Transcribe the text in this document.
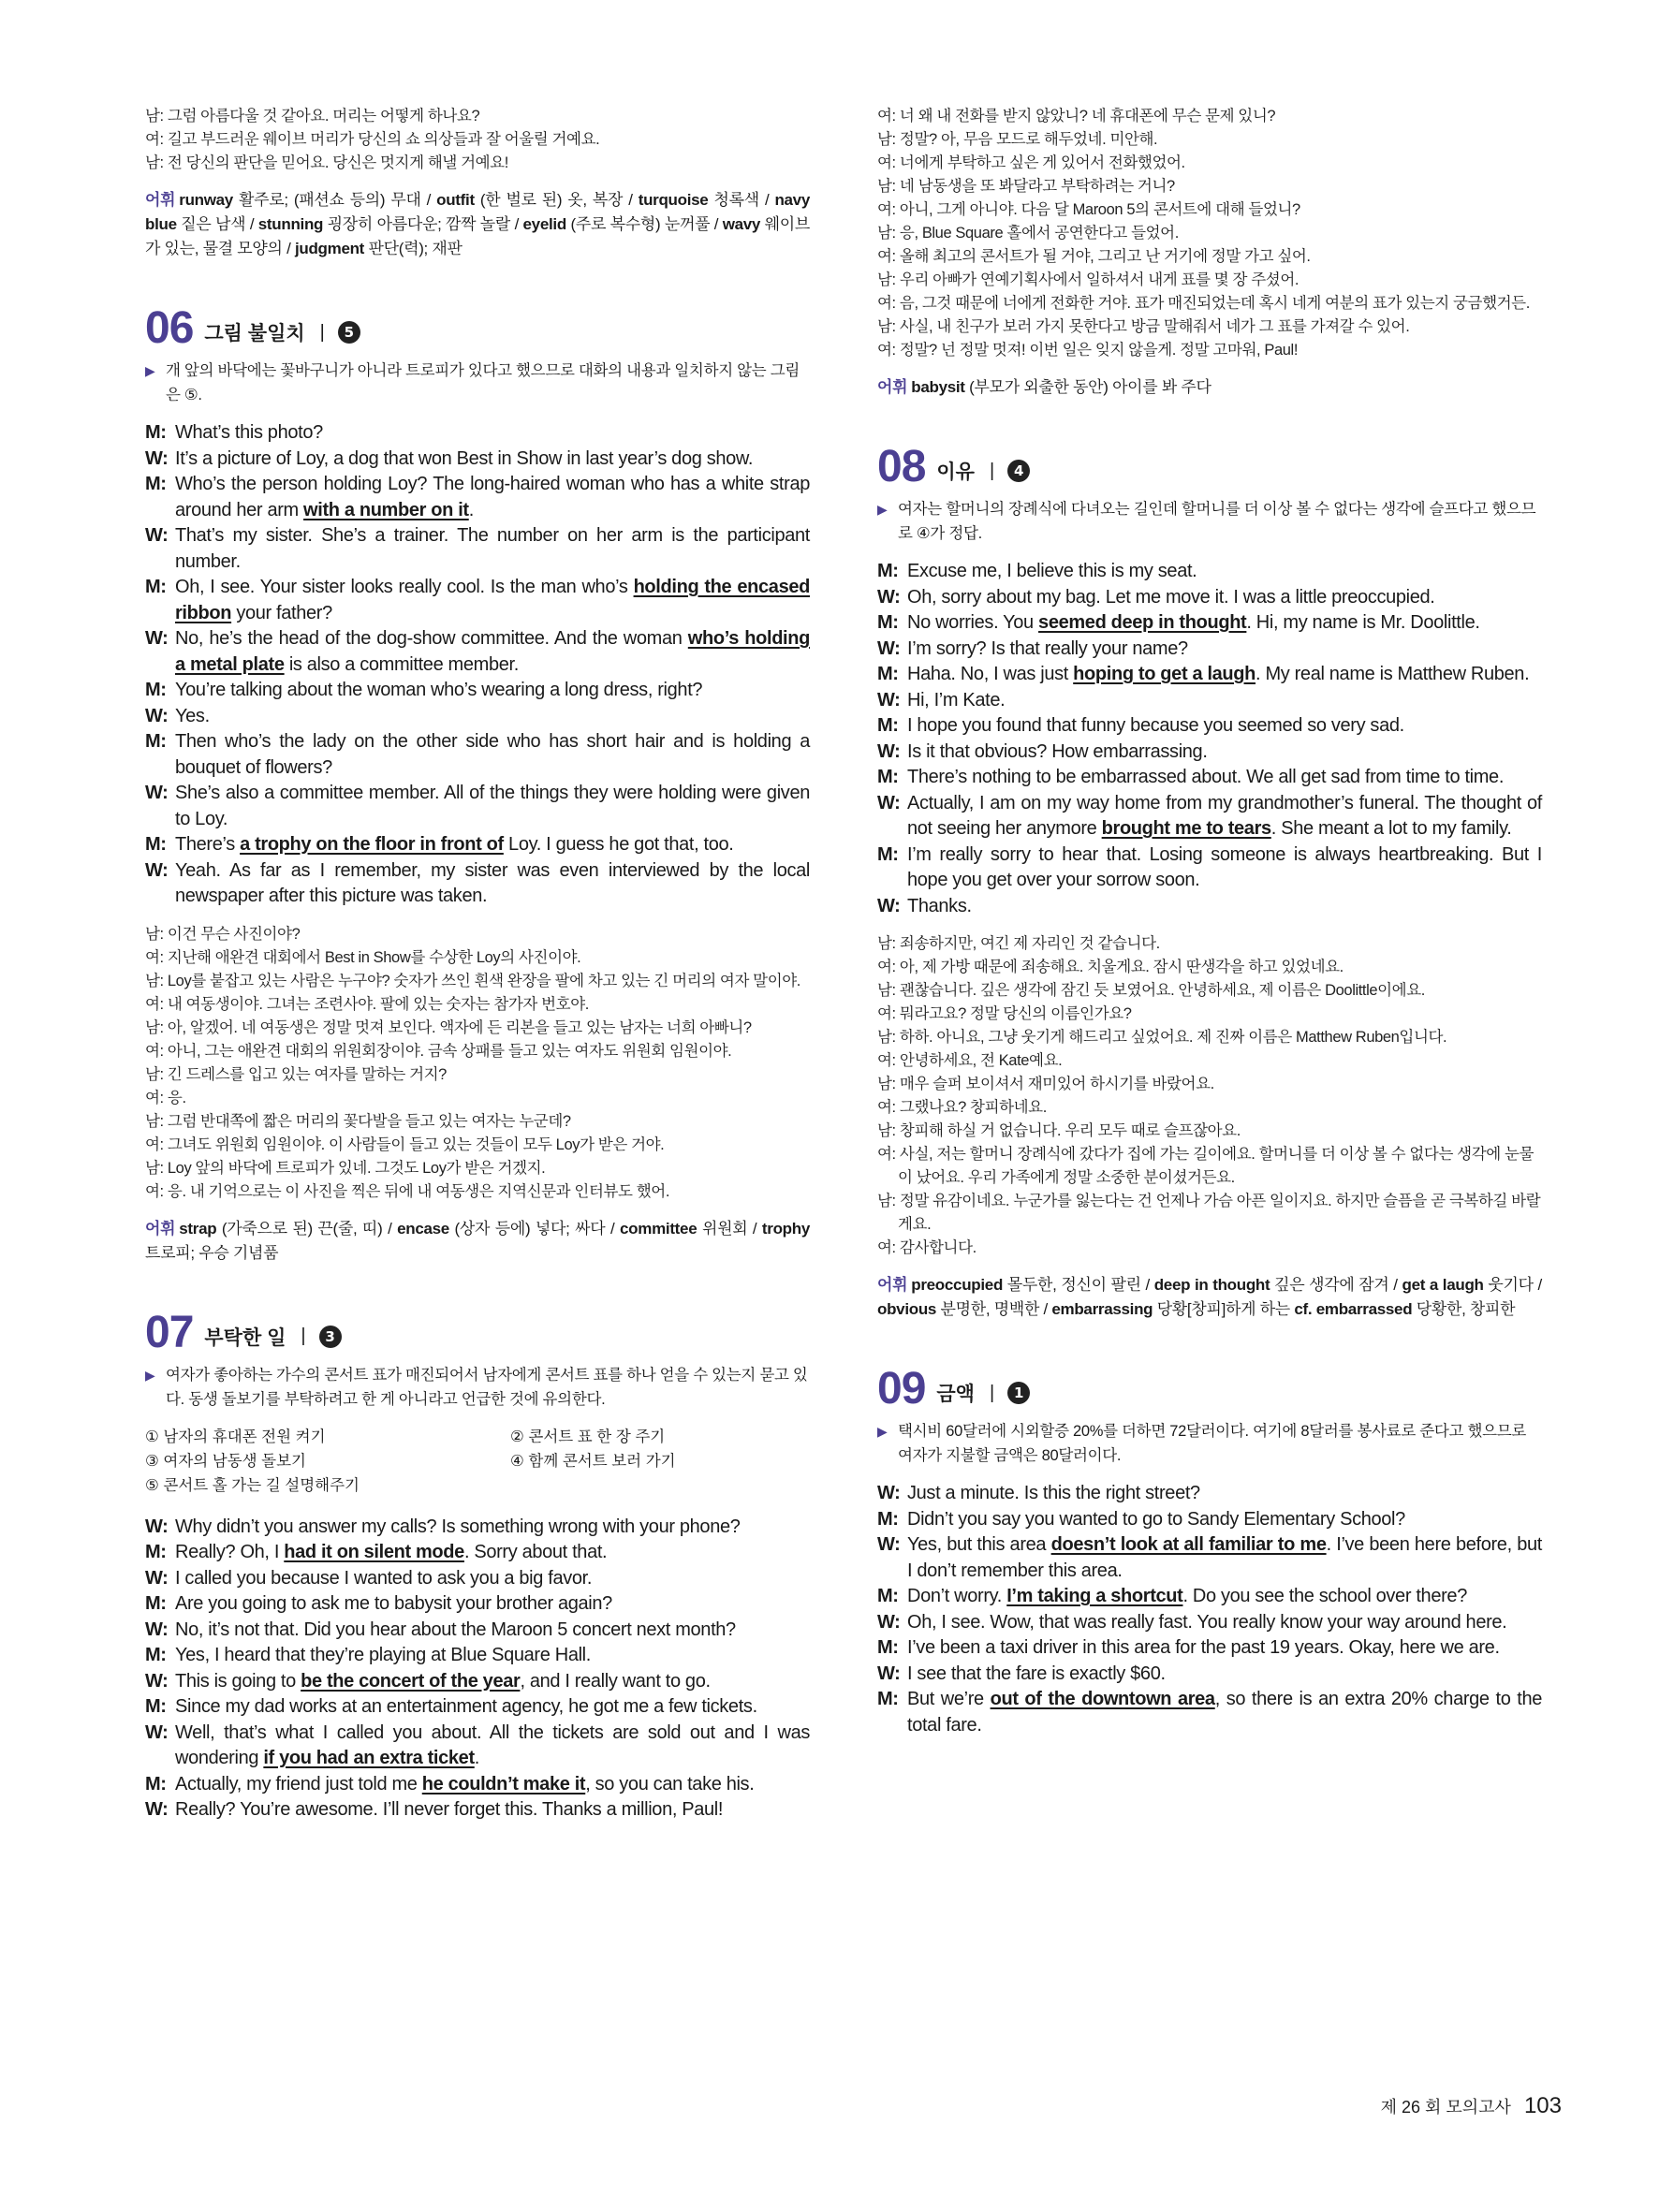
남: 그럼 아름다울 것 같아요. 머리는 어떻게 하나요?

여: 길고 부드러운 웨이브 머리가 당신의 쇼 의상들과 잘 어울릴 거예요.

남: 전 당신의 판단을 믿어요. 당신은 멋지게 해낼 거예요!

어휘 runway 활주로; (패션쇼 등의) 무대 / outfit (한 벌로 된) 옷, 복장 / turquoise 청록색 / navy blue 짙은 남색 / stunning 굉장히 아름다운; 깜짝 놀랄 / eyelid (주로 복수형) 눈꺼풀 / wavy 웨이브가 있는, 물결 모양의 / judgment 판단(력); 재판
06 그림 불일치 |	5
▶ 개 앞의 바닥에는 꽃바구니가 아니라 트로피가 있다고 했으므로 대화의 내용과 일치하지 않는 그림은 ⑤.
M: What’s this photo?
W: It’s a picture of Loy, a dog that won Best in Show in last year’s dog show.
M: Who’s the person holding Loy? The long-haired woman who has a white strap around her arm with a number on it.
W: That’s my sister. She’s a trainer. The number on her arm is the participant number.
M: Oh, I see. Your sister looks really cool. Is the man who’s holding the encased ribbon your father?
W: No, he’s the head of the dog-show committee. And the woman who’s holding a metal plate is also a committee member.
M: You’re talking about the woman who’s wearing a long dress, right?
W: Yes.
M: Then who’s the lady on the other side who has short hair and is holding a bouquet of flowers?
W: She’s also a committee member. All of the things they were holding were given to Loy.
M: There’s a trophy on the floor in front of Loy. I guess he got that, too.
W: Yeah. As far as I remember, my sister was even interviewed by the local newspaper after this picture was taken.

남: 이건 무슨 사진이야?

여: 지난해 애완견 대회에서 Best in Show를 수상한 Loy의 사진이야.

남: Loy를 붙잡고 있는 사람은 누구야? 숫자가 쓰인 흰색 완장을 팔에 차고 있는 긴 머리의 여자 말이야.

여: 내 여동생이야. 그녀는 조련사야. 팔에 있는 숫자는 참가자 번호야.

남: 아, 알겠어. 네 여동생은 정말 멋져 보인다. 액자에 든 리본을 들고 있는 남자는 너희 아빠니?

여: 아니, 그는 애완견 대회의 위원회장이야. 금속 상패를 들고 있는 여자도 위원회 임원이야.

남: 긴 드레스를 입고 있는 여자를 말하는 거지?

여: 응.

남: 그럼 반대쪽에 짧은 머리의 꽃다발을 들고 있는 여자는 누군데?

여: 그녀도 위원회 임원이야. 이 사람들이 들고 있는 것들이 모두 Loy가 받은 거야.

남: Loy 앞의 바닥에 트로피가 있네. 그것도 Loy가 받은 거겠지.

여: 응. 내 기억으로는 이 사진을 찍은 뒤에 내 여동생은 지역신문과 인터뷰도 했어.

어휘 strap (가죽으로 된) 끈(줄, 띠) / encase (상자 등에) 넣다; 싸다 / committee 위원회 / trophy 트로피; 우승 기념품
07 부탁한 일 |	3
▶ 여자가 좋아하는 가수의 콘서트 표가 매진되어서 남자에게 콘서트 표를 하나 얻을 수 있는지 묻고 있다. 동생 돌보기를 부탁하려고 한 게 아니라고 언급한 것에 유의한다.
① 남자의 휴대폰 전원 켜기	② 콘서트 표 한 장 주기
③ 여자의 남동생 돌보기	④ 함께 콘서트 보러 가기
⑤ 콘서트 홀 가는 길 설명해주기
W: Why didn’t you answer my calls? Is something wrong with your phone?
M: Really? Oh, I had it on silent mode. Sorry about that.
W: I called you because I wanted to ask you a big favor.
M: Are you going to ask me to babysit your brother again?
W: No, it’s not that. Did you hear about the Maroon 5 concert next month?
M: Yes, I heard that they’re playing at Blue Square Hall.
W: This is going to be the concert of the year, and I really want to go.
M: Since my dad works at an entertainment agency, he got me a few tickets.
W: Well, that’s what I called you about. All the tickets are sold out and I was wondering if you had an extra ticket.
M: Actually, my friend just told me he couldn’t make it, so you can take his.
W: Really? You’re awesome. I’ll never forget this. Thanks a million, Paul!

여: 너 왜 내 전화를 받지 않았니? 네 휴대폰에 무슨 문제 있니?

남: 정말? 아, 무음 모드로 해두었네. 미안해.

여: 너에게 부탁하고 싶은 게 있어서 전화했었어.

남: 네 남동생을 또 봐달라고 부탁하려는 거니?

여: 아니, 그게 아니야. 다음 달 Maroon 5의 콘서트에 대해 들었니?

남: 응, Blue Square 홀에서 공연한다고 들었어.

여: 올해 최고의 콘서트가 될 거야, 그리고 난 거기에 정말 가고 싶어.

남: 우리 아빠가 연예기획사에서 일하셔서 내게 표를 몇 장 주셨어.

여: 음, 그것 때문에 너에게 전화한 거야. 표가 매진되었는데 혹시 네게 여분의 표가 있는지 궁금했거든.

남: 사실, 내 친구가 보러 가지 못한다고 방금 말해줘서 네가 그 표를 가져갈 수 있어.

여: 정말? 넌 정말 멋져! 이번 일은 잊지 않을게. 정말 고마워, Paul!

어휘 babysit (부모가 외출한 동안) 아이를 봐 주다
08 이유 |	4
▶ 여자는 할머니의 장례식에 다녀오는 길인데 할머니를 더 이상 볼 수 없다는 생각에 슬프다고 했으므로 ④가 정답.
M: Excuse me, I believe this is my seat.
W: Oh, sorry about my bag. Let me move it. I was a little preoccupied.
M: No worries. You seemed deep in thought. Hi, my name is Mr. Doolittle.
W: I’m sorry? Is that really your name?
M: Haha. No, I was just hoping to get a laugh. My real name is Matthew Ruben.
W: Hi, I’m Kate.
M: I hope you found that funny because you seemed so very sad.
W: Is it that obvious? How embarrassing.
M: There’s nothing to be embarrassed about. We all get sad from time to time.
W: Actually, I am on my way home from my grandmother’s funeral. The thought of not seeing her anymore brought me to tears. She meant a lot to my family.
M: I’m really sorry to hear that. Losing someone is always heartbreaking. But I hope you get over your sorrow soon.
W: Thanks.

남: 죄송하지만, 여긴 제 자리인 것 같습니다.

여: 아, 제 가방 때문에 죄송해요. 치울게요. 잠시 딴생각을 하고 있었네요.

남: 괜찮습니다. 깊은 생각에 잠긴 듯 보였어요. 안녕하세요, 제 이름은 Doolittle이에요.

여: 뭐라고요? 정말 당신의 이름인가요?

남: 하하. 아니요, 그냥 웃기게 해드리고 싶었어요. 제 진짜 이름은 Matthew Ruben입니다.

여: 안녕하세요, 전 Kate예요.

남: 매우 슬퍼 보이셔서 재미있어 하시기를 바랐어요.

여: 그랬나요? 창피하네요.

남: 창피해 하실 거 없습니다. 우리 모두 때로 슬프잖아요.

여: 사실, 저는 할머니 장례식에 갔다가 집에 가는 길이에요. 할머니를 더 이상 볼 수 없다는 생각에 눈물이 났어요. 우리 가족에게 정말 소중한 분이셨거든요.

남: 정말 유감이네요. 누군가를 잃는다는 건 언제나 가슴 아픈 일이지요. 하지만 슬픔을 곧 극복하길 바랄게요.

여: 감사합니다.

어휘 preoccupied 몰두한, 정신이 팔린 / deep in thought 깊은 생각에 잠겨 / get a laugh 웃기다 / obvious 분명한, 명백한 / embarrassing 당황[창피]하게 하는 cf. embarrassed 당황한, 창피한
09 금액 |	1
▶ 택시비 60달러에 시외할증 20%를 더하면 72달러이다. 여기에 8달러를 봉사료로 준다고 했으므로 여자가 지불할 금액은 80달러이다.
W: Just a minute. Is this the right street?
M: Didn’t you say you wanted to go to Sandy Elementary School?
W: Yes, but this area doesn’t look at all familiar to me. I’ve been here before, but I don’t remember this area.
M: Don’t worry. I’m taking a shortcut. Do you see the school over there?
W: Oh, I see. Wow, that was really fast. You really know your way around here.
M: I’ve been a taxi driver in this area for the past 19 years. Okay, here we are.
W: I see that the fare is exactly $60.
M: But we’re out of the downtown area, so there is an extra 20% charge to the total fare.
제 26 회 모의고사 103
